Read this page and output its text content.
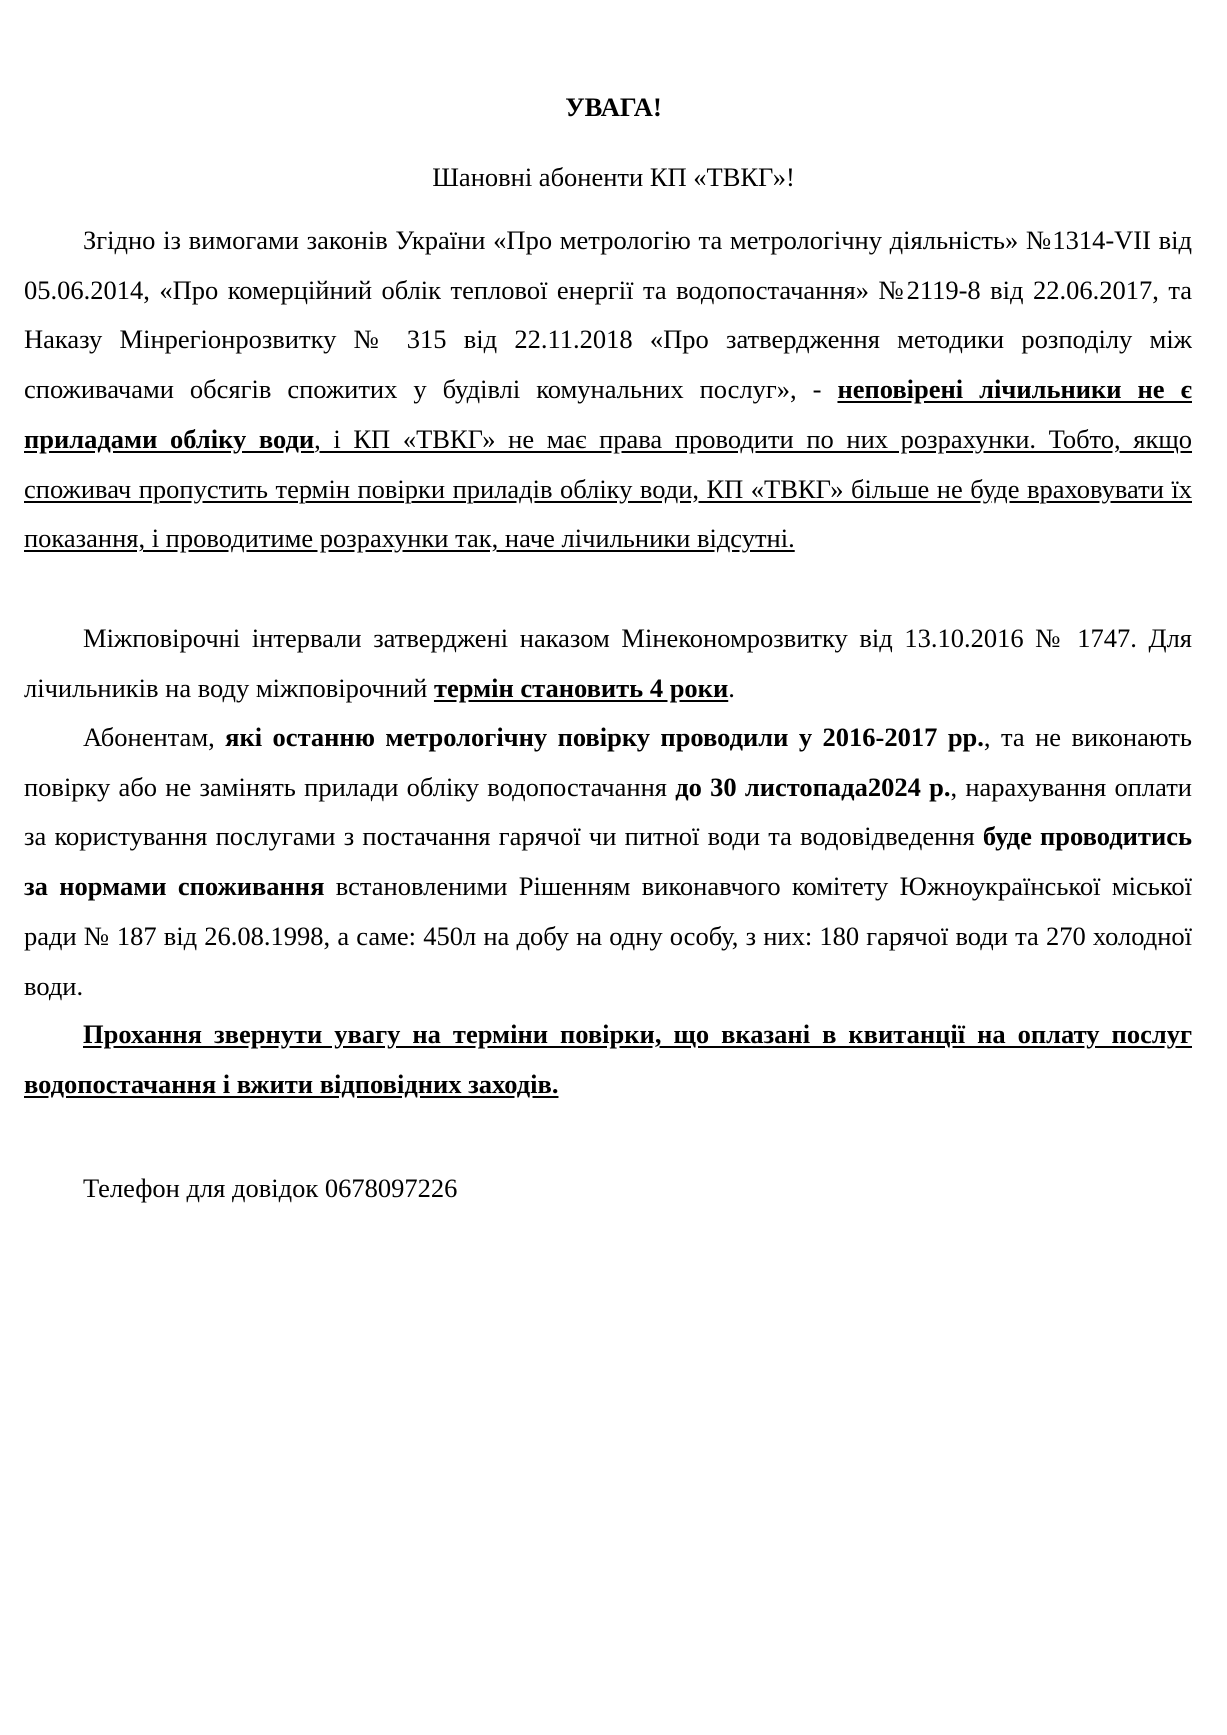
УВАГА!
Шановні абоненти КП «ТВКГ»!

Згідно із вимогами законів України «Про метрологію та метрологічну діяльність» №1314-VII від 05.06.2014, «Про комерційний облік теплової енергії та водопостачання» №2119-8 від 22.06.2017, та Наказу Мінрегіонрозвитку № 315 від 22.11.2018 «Про затвердження методики розподілу між споживачами обсягів спожитих у будівлі комунальних послуг», - неповірені лічильники не є приладами обліку води, і КП «ТВКГ» не має права проводити по них розрахунки. Тобто, якщо споживач пропустить термін повірки приладів обліку води, КП «ТВКГ» більше не буде враховувати їх показання, і проводитиме розрахунки так, наче лічильники відсутні.

Міжповірочні інтервали затверджені наказом Мінекономрозвитку від 13.10.2016 № 1747. Для лічильників на воду міжповірочний термін становить 4 роки.

Абонентам, які останню метрологічну повірку проводили у 2016-2017 рр., та не виконають повірку або не замінять прилади обліку водопостачання до 30 листопада2024 р., нарахування оплати за користування послугами з постачання гарячої чи питної води та водовідведення буде проводитись за нормами споживання встановленими Рішенням виконавчого комітету Южноукраїнської міської ради № 187 від 26.08.1998, а саме: 450л на добу на одну особу, з них: 180 гарячої води та 270 холодної води.

Прохання звернути увагу на терміни повірки, що вказані в квитанції на оплату послуг водопостачання і вжити відповідних заходів.

Телефон для довідок 0678097226
